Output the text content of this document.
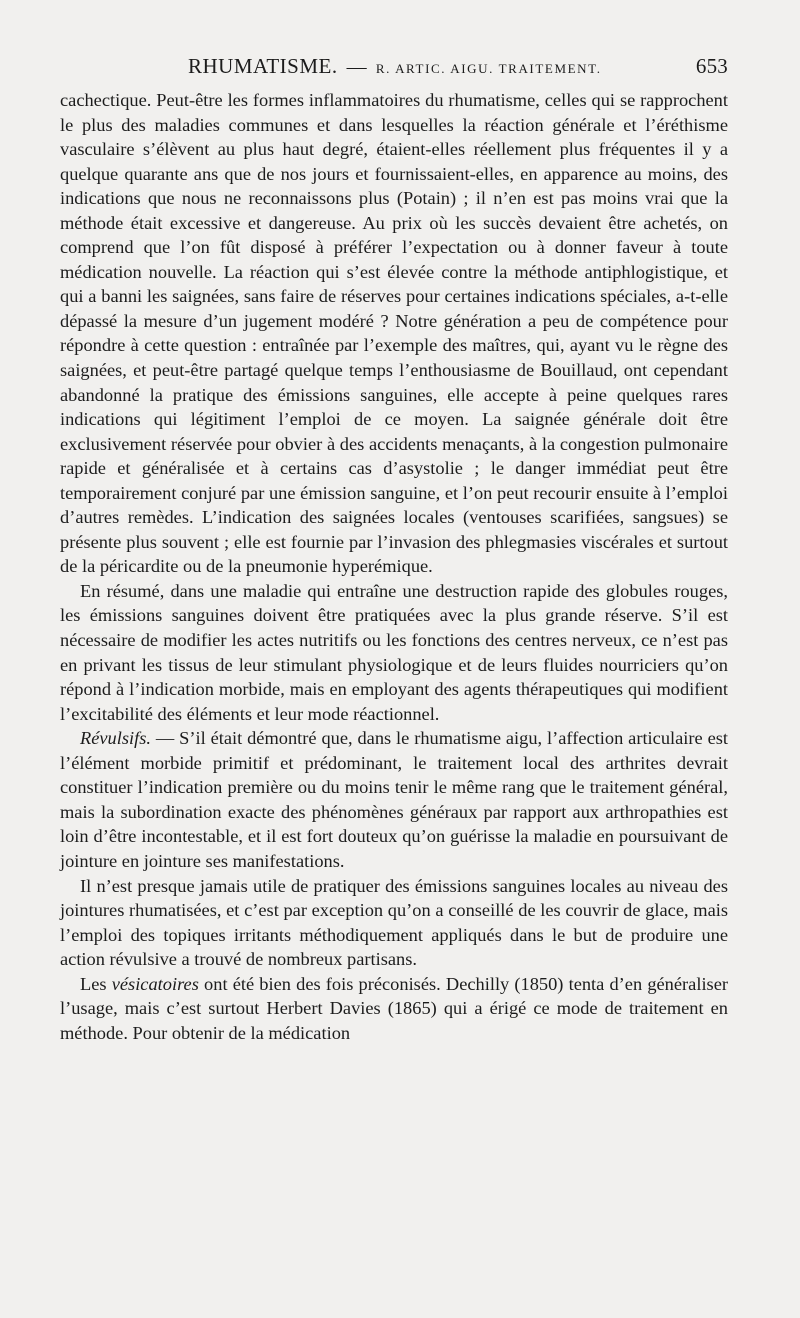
RHUMATISME. — R. ARTIC. AIGU. TRAITEMENT.	653

cachectique. Peut-être les formes inflammatoires du rhumatisme, celles qui se rapprochent le plus des maladies communes et dans lesquelles la réaction générale et l’éréthisme vasculaire s’élèvent au plus haut degré, étaient-elles réellement plus fréquentes il y a quelque quarante ans que de nos jours et fournissaient-elles, en apparence au moins, des indications que nous ne reconnaissons plus (Potain) ; il n’en est pas moins vrai que la méthode était excessive et dangereuse. Au prix où les succès devaient être achetés, on comprend que l’on fût disposé à préférer l’expectation ou à donner faveur à toute médication nouvelle. La réaction qui s’est élevée contre la méthode antiphlogistique, et qui a banni les saignées, sans faire de réserves pour certaines indications spéciales, a-t-elle dépassé la mesure d’un jugement modéré ? Notre génération a peu de compétence pour répondre à cette question : entraînée par l’exemple des maîtres, qui, ayant vu le règne des saignées, et peut-être partagé quelque temps l’enthousiasme de Bouillaud, ont cependant abandonné la pratique des émissions sanguines, elle accepte à peine quelques rares indications qui légitiment l’emploi de ce moyen. La saignée générale doit être exclusivement réservée pour obvier à des accidents menaçants, à la congestion pulmonaire rapide et généralisée et à certains cas d’asystolie ; le danger immédiat peut être temporairement conjuré par une émission sanguine, et l’on peut recourir ensuite à l’emploi d’autres remèdes. L’indication des saignées locales (ventouses scarifiées, sangsues) se présente plus souvent ; elle est fournie par l’invasion des phlegmasies viscérales et surtout de la péricardite ou de la pneumonie hyperémique.

En résumé, dans une maladie qui entraîne une destruction rapide des globules rouges, les émissions sanguines doivent être pratiquées avec la plus grande réserve. S’il est nécessaire de modifier les actes nutritifs ou les fonctions des centres nerveux, ce n’est pas en privant les tissus de leur stimulant physiologique et de leurs fluides nourriciers qu’on répond à l’indication morbide, mais en employant des agents thérapeutiques qui modifient l’excitabilité des éléments et leur mode réactionnel.

Révulsifs. — S’il était démontré que, dans le rhumatisme aigu, l’affection articulaire est l’élément morbide primitif et prédominant, le traitement local des arthrites devrait constituer l’indication première ou du moins tenir le même rang que le traitement général, mais la subordination exacte des phénomènes généraux par rapport aux arthropathies est loin d’être incontestable, et il est fort douteux qu’on guérisse la maladie en poursuivant de jointure en jointure ses manifestations.

Il n’est presque jamais utile de pratiquer des émissions sanguines locales au niveau des jointures rhumatisées, et c’est par exception qu’on a conseillé de les couvrir de glace, mais l’emploi des topiques irritants méthodiquement appliqués dans le but de produire une action révulsive a trouvé de nombreux partisans.

Les vésicatoires ont été bien des fois préconisés. Dechilly (1850) tenta d’en généraliser l’usage, mais c’est surtout Herbert Davies (1865) qui a érigé ce mode de traitement en méthode. Pour obtenir de la médication
